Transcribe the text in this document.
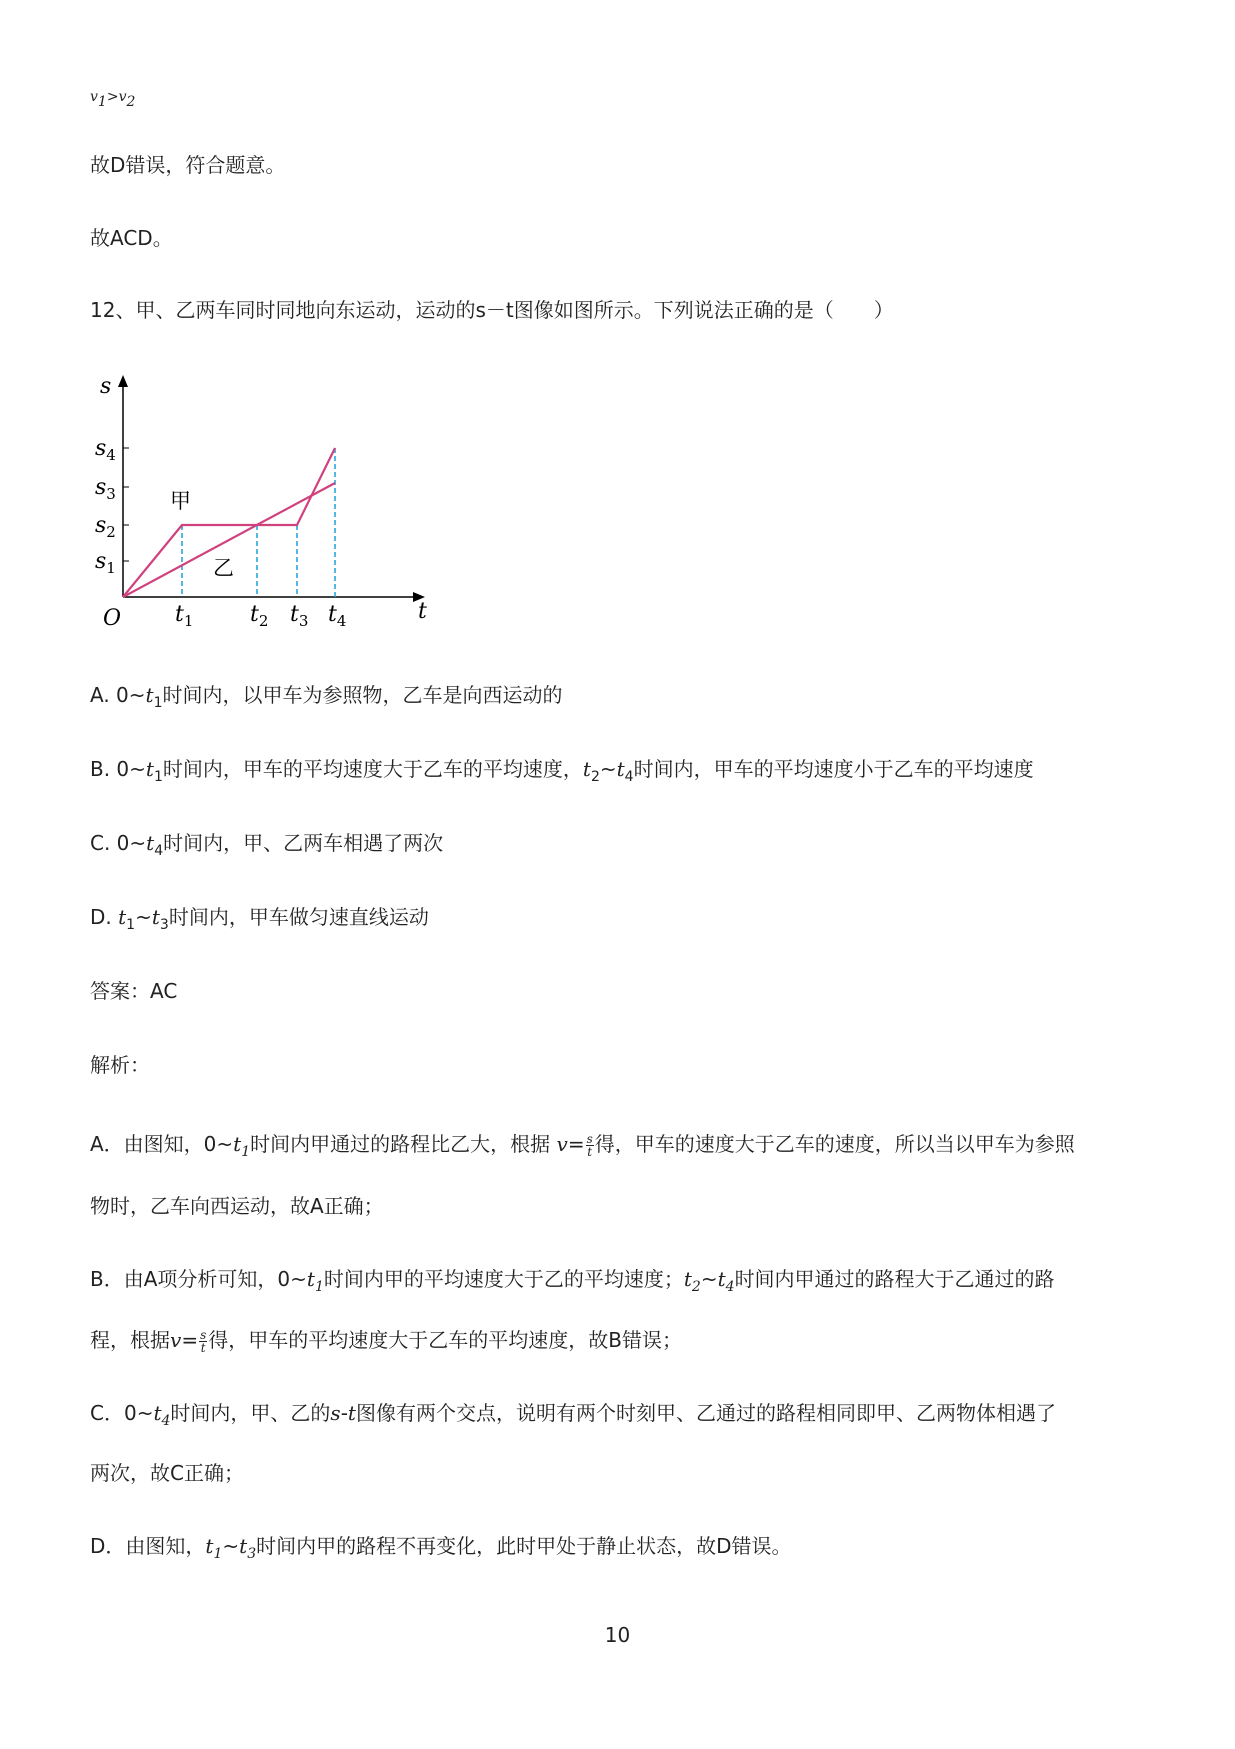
$v_1>v_2$
故D错误，符合题意。
故ACD。
12、甲、乙两车同时同地向东运动，运动的s－t图像如图所示。下列说法正确的是（ ）
s
t
O
$s_4$
$s_3$
$s_2$
$s_1$
$t_1$	$t_2$ $t_3$ $t_4$
甲
乙
A. $0\sim t_1$时间内，以甲车为参照物，乙车是向西运动的
B. $0\sim t_1$时间内，甲车的平均速度大于乙车的平均速度，$t_2\sim t_4$时间内，甲车的平均速度小于乙车的平均速度
C. $0\sim t_4$时间内，甲、乙两车相遇了两次
D. $t_1\sim t_3$时间内，甲车做匀速直线运动
答案：AC
解析：
A．由图知，$0\sim t_1$时间内甲通过的路程比乙大，根据 $v= \frac{s}{t}$ 得，甲车的速度大于乙车的速度，所以当以甲车为参照
物时，乙车向西运动，故A正确；
B．由A项分析可知，$0\sim t_1$时间内甲的平均速度大于乙的平均速度；$t_2\sim t_4$时间内甲通过的路程大于乙通过的路
程，根据$v= \frac{s}{t}$ 得，甲车的平均速度大于乙车的平均速度，故B错误；
C．$0\sim t_4$时间内，甲、乙的s-t图像有两个交点，说明有两个时刻甲、乙通过的路程相同即甲、乙两物体相遇了
两次，故C正确；
D．由图知，$t_1\sim t_3$时间内甲的路程不再变化，此时甲处于静止状态，故D错误。
10
